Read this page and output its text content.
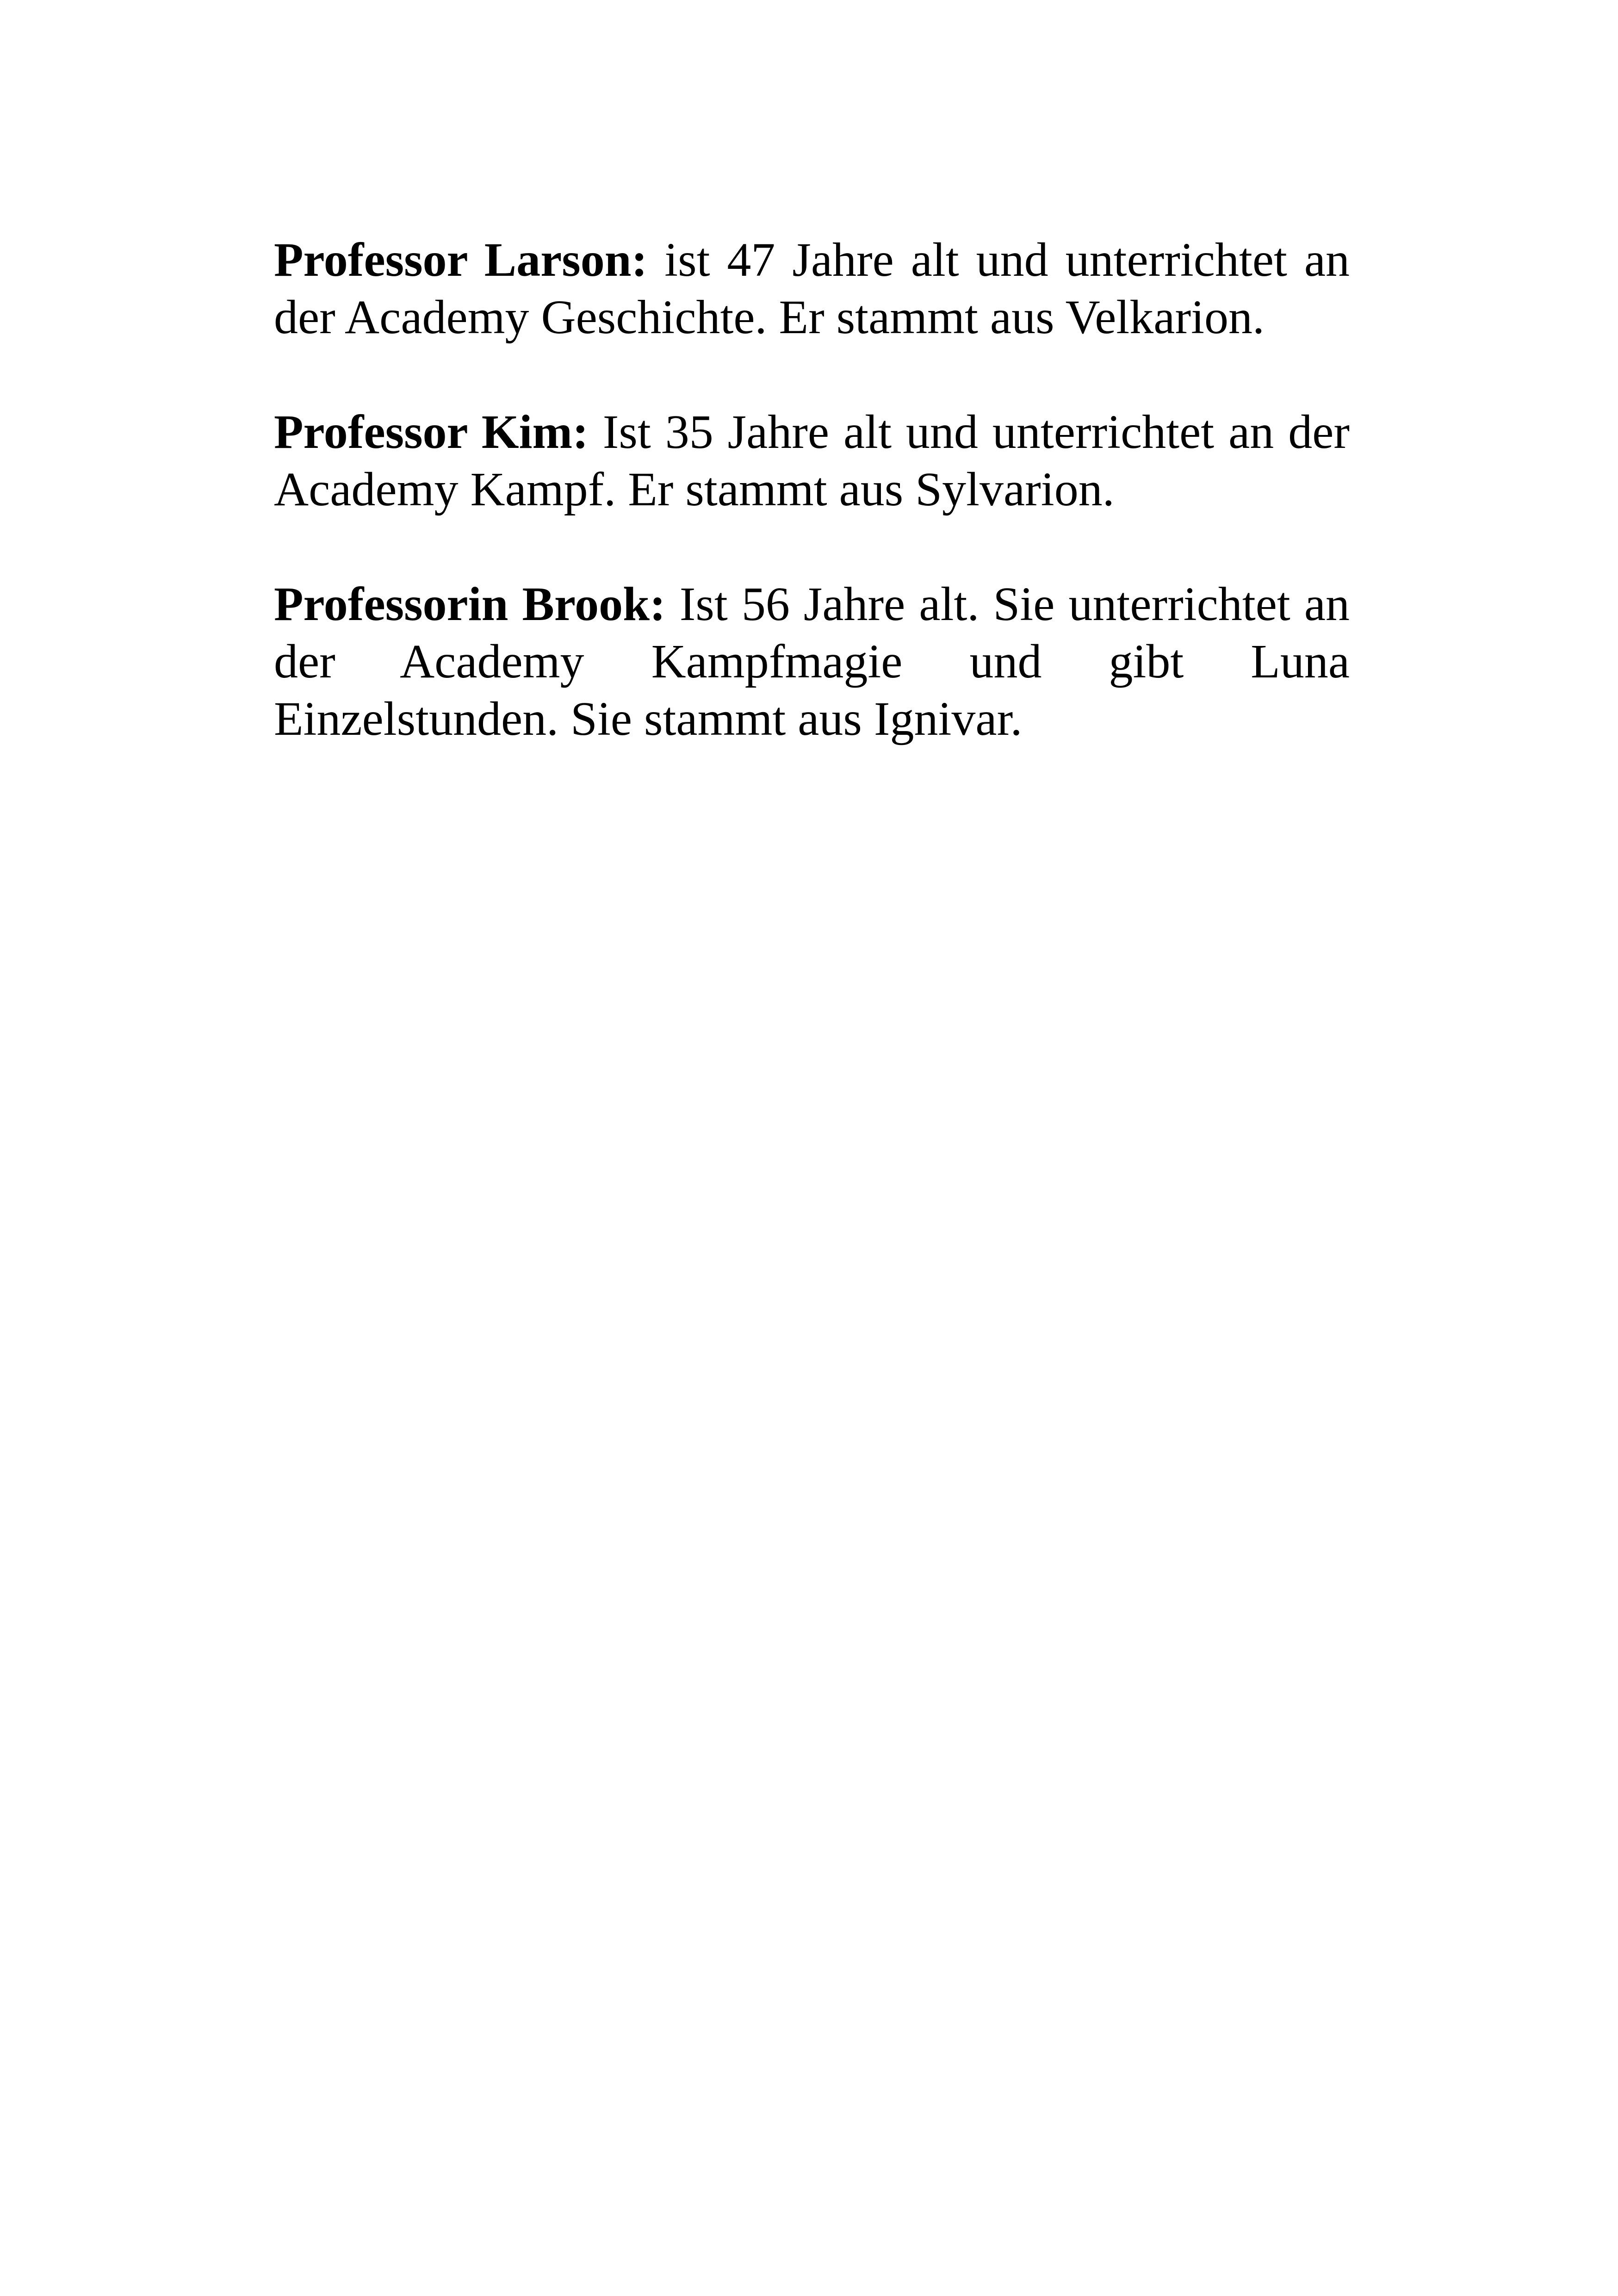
Professor Larson: ist 47 Jahre alt und unterrichtet an der Academy Geschichte. Er stammt aus Velkarion.

Professor Kim: Ist 35 Jahre alt und unterrichtet an der Academy Kampf. Er stammt aus Sylvarion.

Professorin Brook: Ist 56 Jahre alt. Sie unterrichtet an der Academy Kampfmagie und gibt Luna Einzelstunden. Sie stammt aus Ignivar.
